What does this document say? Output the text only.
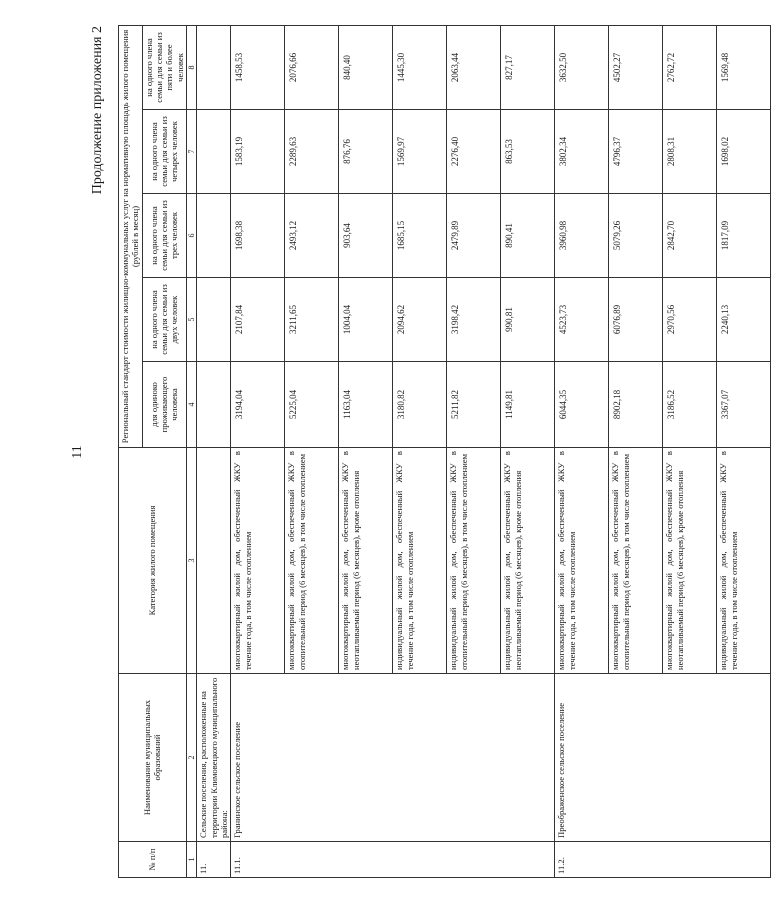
11
Продолжение приложения 2
№ п/п	Наименование муниципальных образований	Категория жилого помещения	Региональный стандарт стоимости жилищно-коммунальных услуг на нормативную площадь жилого помещения (рублей в месяц)				
			для одиноко проживающего человека	на одного члена семьи для семьи из двух человек	на одного члена семьи для семьи из трех человек	на одного члена семьи для семьи из четырех человек	на одного члена семьи для семьи из пяти и более человек
1	2	3	4	5	6	7	8
11.	Сельские поселения, расположенные на территории Климовецкого муниципального района:						
11.1.	Гранинское сельское поселение	многоквартирный жилой дом, обеспеченный ЖКУ в течение года, в том числе отоплением	3194,04	2107,84	1698,38	1583,19	1458,53
		многоквартирный жилой дом, обеспеченный ЖКУ в отопительный период (6 месяцев), в том числе отоплением	5225,04	3211,65	2493,12	2289,63	2076,66
		многоквартирный жилой дом, обеспеченный ЖКУ в неотапливаемый период (6 месяцев), кроме отопления	1163,04	1004,04	903,64	876,76	840,40
		индивидуальный жилой дом, обеспеченный ЖКУ в течение года, в том числе отоплением	3180,82	2094,62	1685,15	1569,97	1445,30
		индивидуальный жилой дом, обеспеченный ЖКУ в отопительный период (6 месяцев), в том числе отоплением	5211,82	3198,42	2479,89	2276,40	2063,44
		индивидуальный жилой дом, обеспеченный ЖКУ в неотапливаемый период (6 месяцев), кроме отопления	1149,81	990,81	890,41	863,53	827,17
11.2.	Преображенское сельское поселение	многоквартирный жилой дом, обеспеченный ЖКУ в течение года, в том числе отоплением	6044,35	4523,73	3960,98	3802,34	3632,50
		многоквартирный жилой дом, обеспеченный ЖКУ в отопительный период (6 месяцев), в том числе отоплением	8902,18	6076,89	5079,26	4796,37	4502,27
		многоквартирный жилой дом, обеспеченный ЖКУ в неотапливаемый период (6 месяцев), кроме отопления	3186,52	2970,56	2842,70	2808,31	2762,72
		индивидуальный жилой дом, обеспеченный ЖКУ в течение года, в том числе отоплением	3367,07	2240,13	1817,09	1698,02	1569,48
